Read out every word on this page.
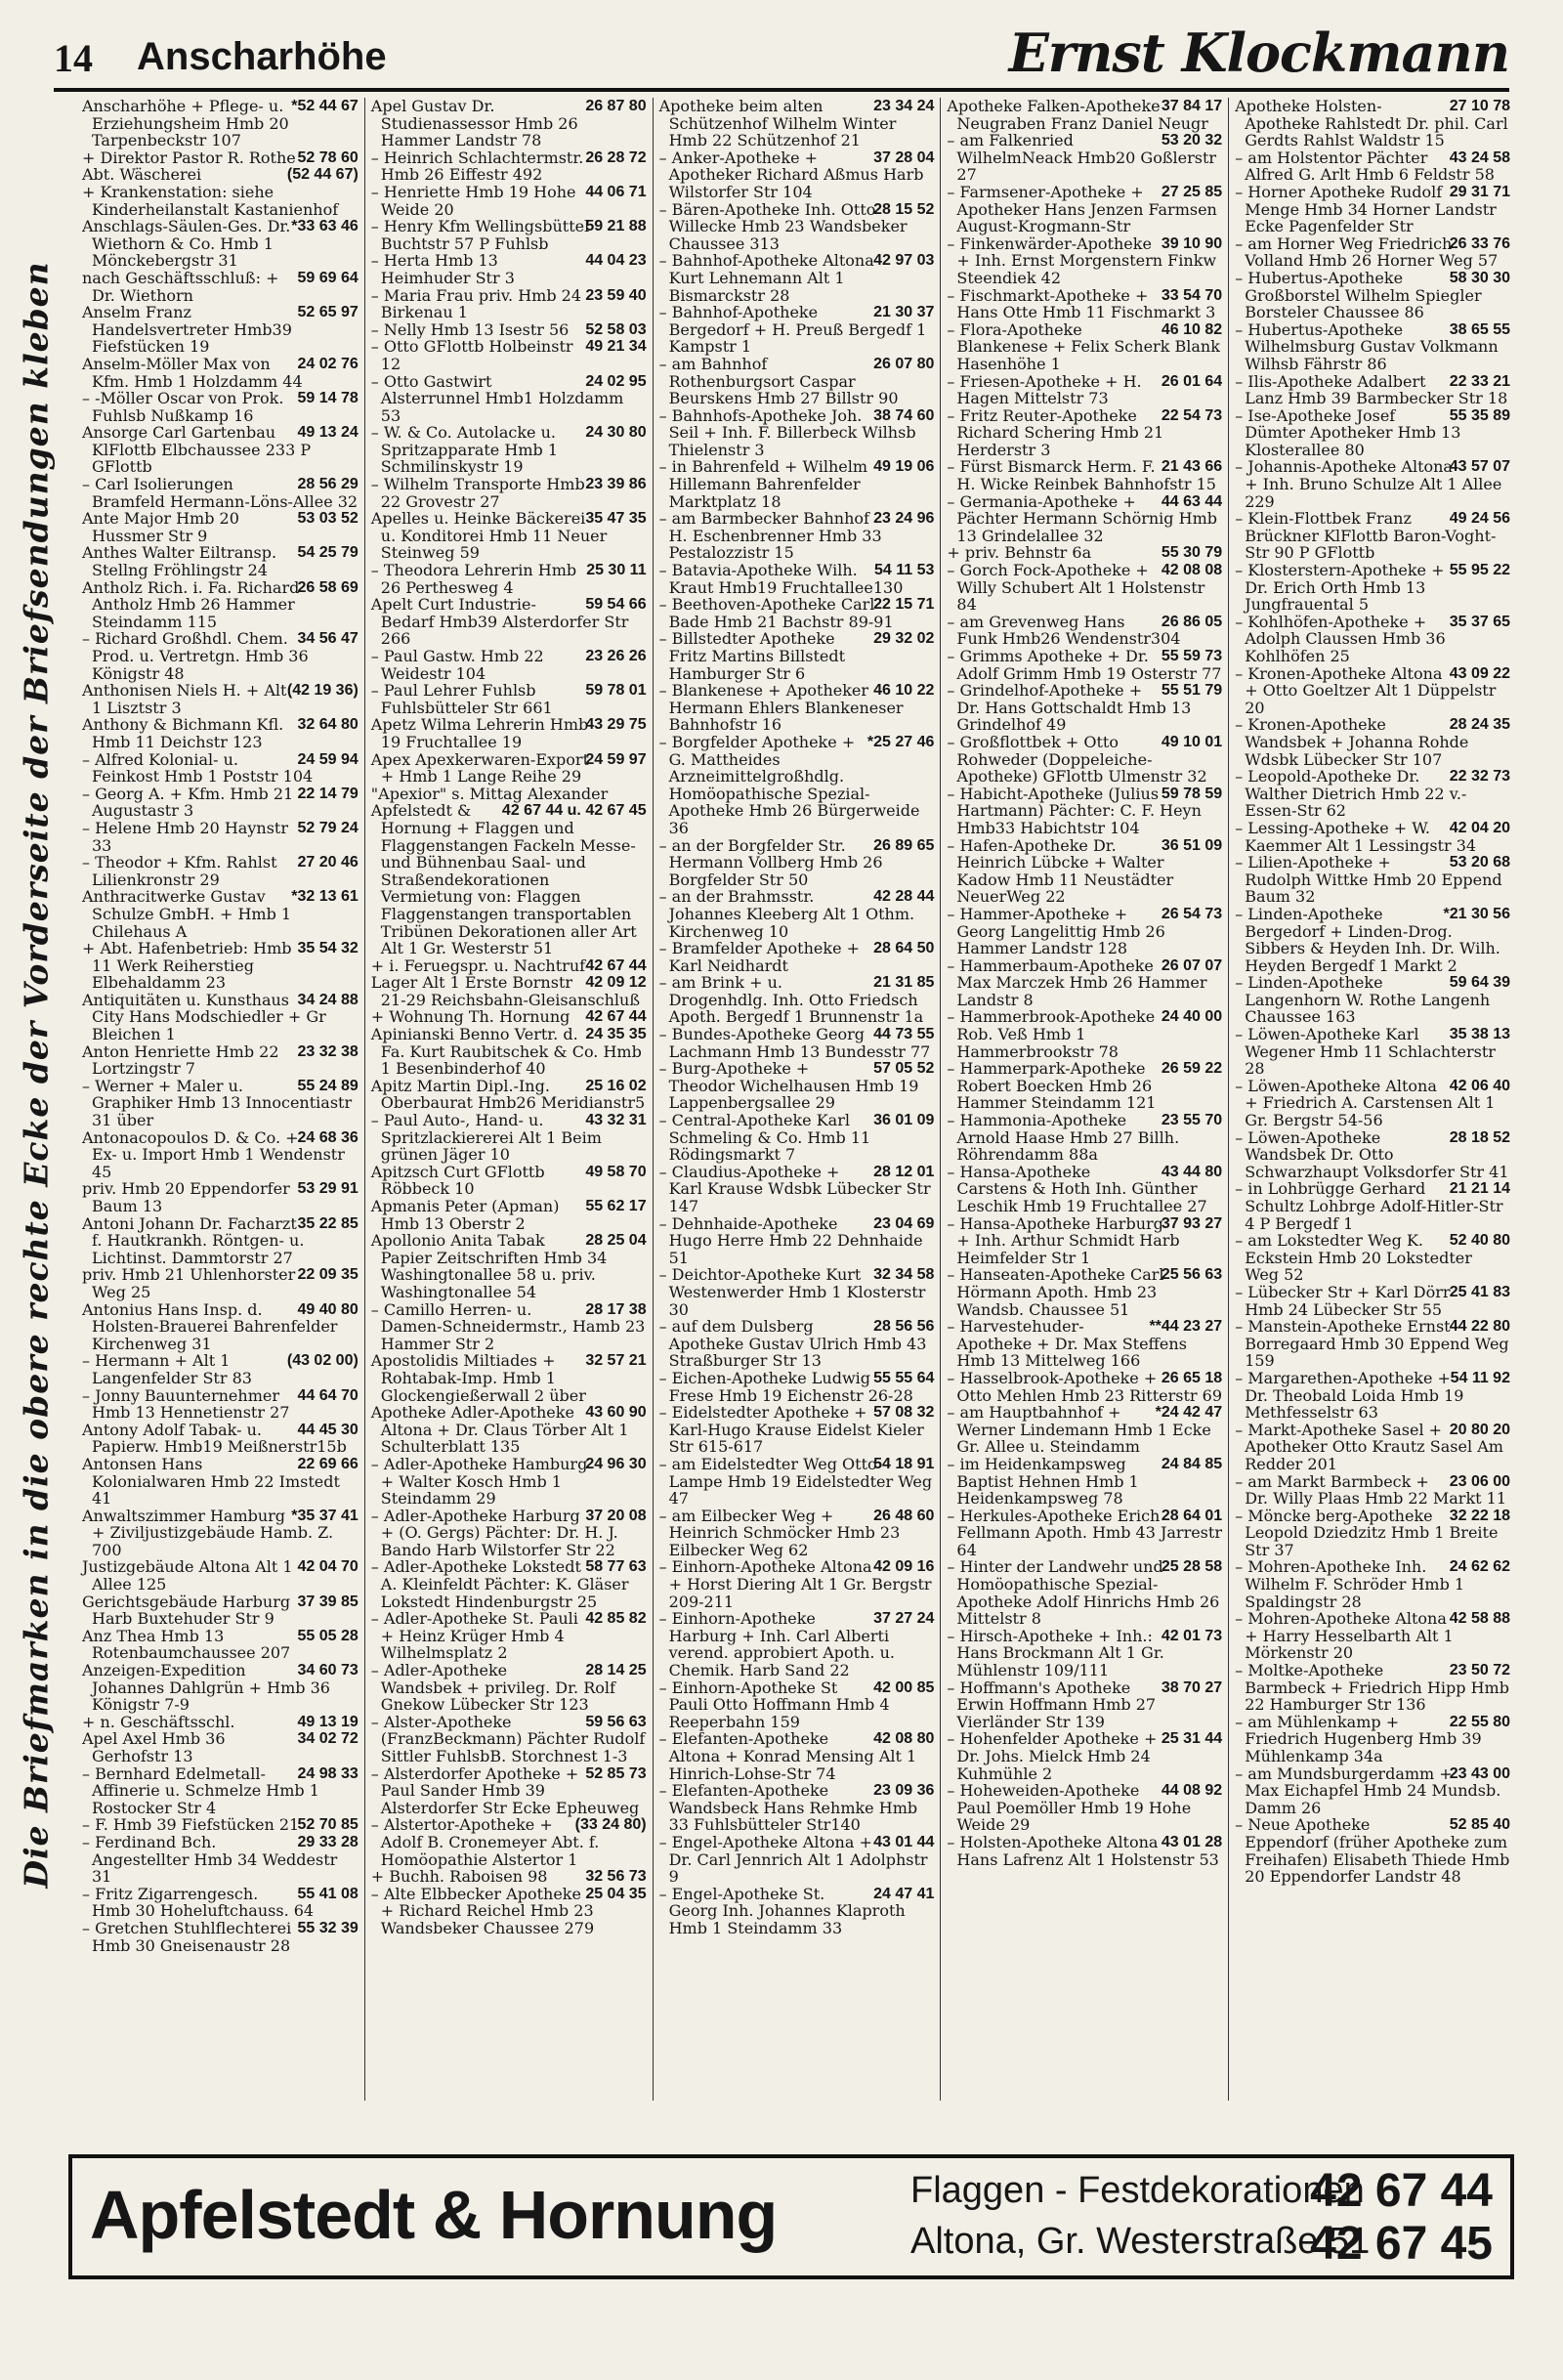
14 Anscharhöhe	Ernst Klockmann
Die Briefmarken in die obere rechte Ecke der Vorderseite der Briefsendungen kleben

*52 44 67
Anscharhöhe + Pflege- u. Erziehungsheim Hmb 20 Tarpenbeckstr 107

52 78 60
+ Direktor Pastor R. Rothe

(52 44 67)
Abt. Wäscherei

+ Krankenstation: siehe Kinderheilanstalt Kastanienhof

*33 63 46
Anschlags-Säulen-Ges. Dr. Wiethorn & Co. Hmb 1 Mönckebergstr 31

59 69 64
nach Geschäftsschluß: + Dr. Wiethorn

52 65 97
Anselm Franz Handelsvertreter Hmb39 Fiefstücken 19

24 02 76
Anselm-Möller Max von Kfm. Hmb 1 Holzdamm 44

59 14 78
– -Möller Oscar von Prok. Fuhlsb Nußkamp 16

49 13 24
Ansorge Carl Gartenbau KlFlottb Elbchaussee 233 P GFlottb

28 56 29
– Carl Isolierungen Bramfeld Hermann-Löns-Allee 32

53 03 52
Ante Major Hmb 20 Hussmer Str 9

54 25 79
Anthes Walter Eiltransp. Stellng Fröhlingstr 24

26 58 69
Antholz Rich. i. Fa. Richard Antholz Hmb 26 Hammer Steindamm 115

34 56 47
– Richard Großhdl. Chem. Prod. u. Vertretgn. Hmb 36 Königstr 48

(42 19 36)
Anthonisen Niels H. + Alt 1 Lisztstr 3

32 64 80
Anthony & Bichmann Kfl. Hmb 11 Deichstr 123

24 59 94
– Alfred Kolonial- u. Feinkost Hmb 1 Poststr 104

22 14 79
– Georg A. + Kfm. Hmb 21 Augustastr 3

52 79 24
– Helene Hmb 20 Haynstr 33

27 20 46
– Theodor + Kfm. Rahlst Lilienkronstr 29

*32 13 61
Anthracitwerke Gustav Schulze GmbH. + Hmb 1 Chilehaus A

35 54 32
+ Abt. Hafenbetrieb: Hmb 11 Werk Reiherstieg Elbehaldamm 23

34 24 88
Antiquitäten u. Kunsthaus City Hans Modschiedler + Gr Bleichen 1

23 32 38
Anton Henriette Hmb 22 Lortzingstr 7

55 24 89
– Werner + Maler u. Graphiker Hmb 13 Innocentiastr 31 über

24 68 36
Antonacopoulos D. & Co. + Ex- u. Import Hmb 1 Wendenstr 45

53 29 91
priv. Hmb 20 Eppendorfer Baum 13

35 22 85
Antoni Johann Dr. Facharzt f. Hautkrankh. Röntgen- u. Lichtinst. Dammtorstr 27

22 09 35
priv. Hmb 21 Uhlenhorster Weg 25

49 40 80
Antonius Hans Insp. d. Holsten-Brauerei Bahrenfelder Kirchenweg 31

(43 02 00)
– Hermann + Alt 1 Langenfelder Str 83

44 64 70
– Jonny Bauunternehmer Hmb 13 Hennetienstr 27

44 45 30
Antony Adolf Tabak- u. Papierw. Hmb19 Meißnerstr15b

22 69 66
Antonsen Hans Kolonialwaren Hmb 22 Imstedt 41

*35 37 41
Anwaltszimmer Hamburg + Ziviljustizgebäude Hamb. Z. 700

42 04 70
Justizgebäude Altona Alt 1 Allee 125

37 39 85
Gerichtsgebäude Harburg Harb Buxtehuder Str 9

55 05 28
Anz Thea Hmb 13 Rotenbaumchaussee 207

34 60 73
Anzeigen-Expedition Johannes Dahlgrün + Hmb 36 Königstr 7-9

49 13 19
+ n. Geschäftsschl.

34 02 72
Apel Axel Hmb 36 Gerhofstr 13

24 98 33
– Bernhard Edelmetall-Affinerie u. Schmelze Hmb 1 Rostocker Str 4

52 70 85
– F. Hmb 39 Fiefstücken 21

29 33 28
– Ferdinand Bch. Angestellter Hmb 34 Weddestr 31

55 41 08
– Fritz Zigarrengesch. Hmb 30 Hoheluftchauss. 64

55 32 39
– Gretchen Stuhlflechterei Hmb 30 Gneisenaustr 28

26 87 80
Apel Gustav Dr. Studienassessor Hmb 26 Hammer Landstr 78

26 28 72
– Heinrich Schlachtermstr. Hmb 26 Eiffestr 492

44 06 71
– Henriette Hmb 19 Hohe Weide 20

59 21 88
– Henry Kfm Wellingsbüttel Buchtstr 57 P Fuhlsb

44 04 23
– Herta Hmb 13 Heimhuder Str 3

23 59 40
– Maria Frau priv. Hmb 24 Birkenau 1

52 58 03
– Nelly Hmb 13 Isestr 56

49 21 34
– Otto GFlottb Holbeinstr 12

24 02 95
– Otto Gastwirt Alsterrunnel Hmb1 Holzdamm 53

24 30 80
– W. & Co. Autolacke u. Spritzapparate Hmb 1 Schmilinskystr 19

23 39 86
– Wilhelm Transporte Hmb 22 Grovestr 27

35 47 35
Apelles u. Heinke Bäckerei u. Konditorei Hmb 11 Neuer Steinweg 59

25 30 11
– Theodora Lehrerin Hmb 26 Perthesweg 4

59 54 66
Apelt Curt Industrie-Bedarf Hmb39 Alsterdorfer Str 266

23 26 26
– Paul Gastw. Hmb 22 Weidestr 104

59 78 01
– Paul Lehrer Fuhlsb Fuhlsbütteler Str 661

43 29 75
Apetz Wilma Lehrerin Hmb 19 Fruchtallee 19

24 59 97
Apex Apexkerwaren-Export + Hmb 1 Lange Reihe 29

"Apexior" s. Mittag Alexander

42 67 44 u. 42 67 45
Apfelstedt & Hornung + Flaggen und Flaggenstangen Fackeln Messe- und Bühnenbau Saal- und Straßendekorationen Vermietung von: Flaggen Flaggenstangen transportablen Tribünen Dekorationen aller Art Alt 1 Gr. Westerstr 51

42 67 44
+ i. Feruegspr. u. Nachtruf

42 09 12
Lager Alt 1 Erste Bornstr 21-29 Reichsbahn-Gleisanschluß

42 67 44
+ Wohnung Th. Hornung

24 35 35
Apinianski Benno Vertr. d. Fa. Kurt Raubitschek & Co. Hmb 1 Besenbinderhof 40

25 16 02
Apitz Martin Dipl.-Ing. Oberbaurat Hmb26 Meridianstr5

43 32 31
– Paul Auto-, Hand- u. Spritzlackiererei Alt 1 Beim grünen Jäger 10

49 58 70
Apitzsch Curt GFlottb Röbbeck 10

55 62 17
Apmanis Peter (Apman) Hmb 13 Oberstr 2

28 25 04
Apollonio Anita Tabak Papier Zeitschriften Hmb 34 Washingtonallee 58 u. priv. Washingtonallee 54

28 17 38
– Camillo Herren- u. Damen-Schneidermstr., Hamb 23 Hammer Str 2

32 57 21
Apostolidis Miltiades + Rohtabak-Imp. Hmb 1 Glockengießerwall 2 über

43 60 90
Apotheke Adler-Apotheke Altona + Dr. Claus Törber Alt 1 Schulterblatt 135

24 96 30
– Adler-Apotheke Hamburg + Walter Kosch Hmb 1 Steindamm 29

37 20 08
– Adler-Apotheke Harburg + (O. Gergs) Pächter: Dr. H. J. Bando Harb Wilstorfer Str 22

58 77 63
– Adler-Apotheke Lokstedt A. Kleinfeldt Pächter: K. Gläser Lokstedt Hindenburgstr 25

42 85 82
– Adler-Apotheke St. Pauli + Heinz Krüger Hmb 4 Wilhelmsplatz 2

28 14 25
– Adler-Apotheke Wandsbek + privileg. Dr. Rolf Gnekow Lübecker Str 123

59 56 63
– Alster-Apotheke (FranzBeckmann) Pächter Rudolf Sittler FuhlsbB. Storchnest 1-3

52 85 73
– Alsterdorfer Apotheke + Paul Sander Hmb 39 Alsterdorfer Str Ecke Epheuweg

(33 24 80)
– Alstertor-Apotheke + Adolf B. Cronemeyer Abt. f. Homöopathie Alstertor 1

32 56 73
+ Buchh. Raboisen 98

25 04 35
– Alte Elbbecker Apotheke + Richard Reichel Hmb 23 Wandsbeker Chaussee 279

23 34 24
Apotheke beim alten Schützenhof Wilhelm Winter Hmb 22 Schützenhof 21

37 28 04
– Anker-Apotheke + Apotheker Richard Aßmus Harb Wilstorfer Str 104

28 15 52
– Bären-Apotheke Inh. Otto Willecke Hmb 23 Wandsbeker Chaussee 313

42 97 03
– Bahnhof-Apotheke Altona Kurt Lehnemann Alt 1 Bismarckstr 28

21 30 37
– Bahnhof-Apotheke Bergedorf + H. Preuß Bergedf 1 Kampstr 1

26 07 80
– am Bahnhof Rothenburgsort Caspar Beurskens Hmb 27 Billstr 90

38 74 60
– Bahnhofs-Apotheke Joh. Seil + Inh. F. Billerbeck Wilhsb Thielenstr 3

49 19 06
– in Bahrenfeld + Wilhelm Hillemann Bahrenfelder Marktplatz 18

23 24 96
– am Barmbecker Bahnhof H. Eschenbrenner Hmb 33 Pestalozzistr 15

54 11 53
– Batavia-Apotheke Wilh. Kraut Hmb19 Fruchtallee130

22 15 71
– Beethoven-Apotheke Carl Bade Hmb 21 Bachstr 89-91

29 32 02
– Billstedter Apotheke Fritz Martins Billstedt Hamburger Str 6

46 10 22
– Blankenese + Apotheker Hermann Ehlers Blankeneser Bahnhofstr 16

*25 27 46
– Borgfelder Apotheke + G. Mattheides Arzneimittelgroßhdlg. Homöopathische Spezial-Apotheke Hmb 26 Bürgerweide 36

26 89 65
– an der Borgfelder Str. Hermann Vollberg Hmb 26 Borgfelder Str 50

42 28 44
– an der Brahmsstr. Johannes Kleeberg Alt 1 Othm. Kirchenweg 10

28 64 50
– Bramfelder Apotheke + Karl Neidhardt

21 31 85
– am Brink + u. Drogenhdlg. Inh. Otto Friedsch Apoth. Bergedf 1 Brunnenstr 1a

44 73 55
– Bundes-Apotheke Georg Lachmann Hmb 13 Bundesstr 77

57 05 52
– Burg-Apotheke + Theodor Wichelhausen Hmb 19 Lappenbergsallee 29

36 01 09
– Central-Apotheke Karl Schmeling & Co. Hmb 11 Rödingsmarkt 7

28 12 01
– Claudius-Apotheke + Karl Krause Wdsbk Lübecker Str 147

23 04 69
– Dehnhaide-Apotheke Hugo Herre Hmb 22 Dehnhaide 51

32 34 58
– Deichtor-Apotheke Kurt Westenwerder Hmb 1 Klosterstr 30

28 56 56
– auf dem Dulsberg Apotheke Gustav Ulrich Hmb 43 Straßburger Str 13

55 55 64
– Eichen-Apotheke Ludwig Frese Hmb 19 Eichenstr 26-28

57 08 32
– Eidelstedter Apotheke + Karl-Hugo Krause Eidelst Kieler Str 615-617

54 18 91
– am Eidelstedter Weg Otto Lampe Hmb 19 Eidelstedter Weg 47

26 48 60
– am Eilbecker Weg + Heinrich Schmöcker Hmb 23 Eilbecker Weg 62

42 09 16
– Einhorn-Apotheke Altona + Horst Diering Alt 1 Gr. Bergstr 209-211

37 27 24
– Einhorn-Apotheke Harburg + Inh. Carl Alberti verend. approbiert Apoth. u. Chemik. Harb Sand 22

42 00 85
– Einhorn-Apotheke St Pauli Otto Hoffmann Hmb 4 Reeperbahn 159

42 08 80
– Elefanten-Apotheke Altona + Konrad Mensing Alt 1 Hinrich-Lohse-Str 74

23 09 36
– Elefanten-Apotheke Wandsbeck Hans Rehmke Hmb 33 Fuhlsbütteler Str140

43 01 44
– Engel-Apotheke Altona + Dr. Carl Jennrich Alt 1 Adolphstr 9

24 47 41
– Engel-Apotheke St. Georg Inh. Johannes Klaproth Hmb 1 Steindamm 33

37 84 17
Apotheke Falken-Apotheke Neugraben Franz Daniel Neugr

53 20 32
– am Falkenried WilhelmNeack Hmb20 Goßlerstr 27

27 25 85
– Farmsener-Apotheke + Apotheker Hans Jenzen Farmsen August-Krogmann-Str

39 10 90
– Finkenwärder-Apotheke + Inh. Ernst Morgenstern Finkw Steendiek 42

33 54 70
– Fischmarkt-Apotheke + Hans Otte Hmb 11 Fischmarkt 3

46 10 82
– Flora-Apotheke Blankenese + Felix Scherk Blank Hasenhöhe 1

26 01 64
– Friesen-Apotheke + H. Hagen Mittelstr 73

22 54 73
– Fritz Reuter-Apotheke Richard Schering Hmb 21 Herderstr 3

21 43 66
– Fürst Bismarck Herm. F. H. Wicke Reinbek Bahnhofstr 15

44 63 44
– Germania-Apotheke + Pächter Hermann Schörnig Hmb 13 Grindelallee 32

55 30 79
+ priv. Behnstr 6a

42 08 08
– Gorch Fock-Apotheke + Willy Schubert Alt 1 Holstenstr 84

26 86 05
– am Grevenweg Hans Funk Hmb26 Wendenstr304

55 59 73
– Grimms Apotheke + Dr. Adolf Grimm Hmb 19 Osterstr 77

55 51 79
– Grindelhof-Apotheke + Dr. Hans Gottschaldt Hmb 13 Grindelhof 49

49 10 01
– Großflottbek + Otto Rohweder (Doppeleiche-Apotheke) GFlottb Ulmenstr 32

59 78 59
– Habicht-Apotheke (Julius Hartmann) Pächter: C. F. Heyn Hmb33 Habichtstr 104

36 51 09
– Hafen-Apotheke Dr. Heinrich Lübcke + Walter Kadow Hmb 11 Neustädter NeuerWeg 22

26 54 73
– Hammer-Apotheke + Georg Langelittig Hmb 26 Hammer Landstr 128

26 07 07
– Hammerbaum-Apotheke Max Marczek Hmb 26 Hammer Landstr 8

24 40 00
– Hammerbrook-Apotheke Rob. Veß Hmb 1 Hammerbrookstr 78

26 59 22
– Hammerpark-Apotheke Robert Boecken Hmb 26 Hammer Steindamm 121

23 55 70
– Hammonia-Apotheke Arnold Haase Hmb 27 Billh. Röhrendamm 88a

43 44 80
– Hansa-Apotheke Carstens & Hoth Inh. Günther Leschik Hmb 19 Fruchtallee 27

37 93 27
– Hansa-Apotheke Harburg + Inh. Arthur Schmidt Harb Heimfelder Str 1

25 56 63
– Hanseaten-Apotheke Carl Hörmann Apoth. Hmb 23 Wandsb. Chaussee 51

**44 23 27
– Harvestehuder-Apotheke + Dr. Max Steffens Hmb 13 Mittelweg 166

26 65 18
– Hasselbrook-Apotheke + Otto Mehlen Hmb 23 Ritterstr 69

*24 42 47
– am Hauptbahnhof + Werner Lindemann Hmb 1 Ecke Gr. Allee u. Steindamm

24 84 85
– im Heidenkampsweg Baptist Hehnen Hmb 1 Heidenkampsweg 78

28 64 01
– Herkules-Apotheke Erich Fellmann Apoth. Hmb 43 Jarrestr 64

25 28 58
– Hinter der Landwehr und Homöopathische Spezial-Apotheke Adolf Hinrichs Hmb 26 Mittelstr 8

42 01 73
– Hirsch-Apotheke + Inh.: Hans Brockmann Alt 1 Gr. Mühlenstr 109/111

38 70 27
– Hoffmann's Apotheke Erwin Hoffmann Hmb 27 Vierländer Str 139

25 31 44
– Hohenfelder Apotheke + Dr. Johs. Mielck Hmb 24 Kuhmühle 2

44 08 92
– Hoheweiden-Apotheke Paul Poemöller Hmb 19 Hohe Weide 29

43 01 28
– Holsten-Apotheke Altona Hans Lafrenz Alt 1 Holstenstr 53

27 10 78
Apotheke Holsten-Apotheke Rahlstedt Dr. phil. Carl Gerdts Rahlst Waldstr 15

43 24 58
– am Holstentor Pächter Alfred G. Arlt Hmb 6 Feldstr 58

29 31 71
– Horner Apotheke Rudolf Menge Hmb 34 Horner Landstr Ecke Pagenfelder Str

26 33 76
– am Horner Weg Friedrich Volland Hmb 26 Horner Weg 57

58 30 30
– Hubertus-Apotheke Großborstel Wilhelm Spiegler Borsteler Chaussee 86

38 65 55
– Hubertus-Apotheke Wilhelmsburg Gustav Volkmann Wilhsb Fährstr 86

22 33 21
– Ilis-Apotheke Adalbert Lanz Hmb 39 Barmbecker Str 18

55 35 89
– Ise-Apotheke Josef Dümter Apotheker Hmb 13 Klosterallee 80

43 57 07
– Johannis-Apotheke Altona + Inh. Bruno Schulze Alt 1 Allee 229

49 24 56
– Klein-Flottbek Franz Brückner KlFlottb Baron-Voght-Str 90 P GFlottb

55 95 22
– Klosterstern-Apotheke + Dr. Erich Orth Hmb 13 Jungfrauental 5

35 37 65
– Kohlhöfen-Apotheke + Adolph Claussen Hmb 36 Kohlhöfen 25

43 09 22
– Kronen-Apotheke Altona + Otto Goeltzer Alt 1 Düppelstr 20

28 24 35
– Kronen-Apotheke Wandsbek + Johanna Rohde Wdsbk Lübecker Str 107

22 32 73
– Leopold-Apotheke Dr. Walther Dietrich Hmb 22 v.-Essen-Str 62

42 04 20
– Lessing-Apotheke + W. Kaemmer Alt 1 Lessingstr 34

53 20 68
– Lilien-Apotheke + Rudolph Wittke Hmb 20 Eppend Baum 32

*21 30 56
– Linden-Apotheke Bergedorf + Linden-Drog. Sibbers & Heyden Inh. Dr. Wilh. Heyden Bergedf 1 Markt 2

59 64 39
– Linden-Apotheke Langenhorn W. Rothe Langenh Chaussee 163

35 38 13
– Löwen-Apotheke Karl Wegener Hmb 11 Schlachterstr 28

42 06 40
– Löwen-Apotheke Altona + Friedrich A. Carstensen Alt 1 Gr. Bergstr 54-56

28 18 52
– Löwen-Apotheke Wandsbek Dr. Otto Schwarzhaupt Volksdorfer Str 41

21 21 14
– in Lohbrügge Gerhard Schultz Lohbrge Adolf-Hitler-Str 4 P Bergedf 1

52 40 80
– am Lokstedter Weg K. Eckstein Hmb 20 Lokstedter Weg 52

25 41 83
– Lübecker Str + Karl Dörr Hmb 24 Lübecker Str 55

44 22 80
– Manstein-Apotheke Ernst Borregaard Hmb 30 Eppend Weg 159

54 11 92
– Margarethen-Apotheke + Dr. Theobald Loida Hmb 19 Methfesselstr 63

20 80 20
– Markt-Apotheke Sasel + Apotheker Otto Krautz Sasel Am Redder 201

23 06 00
– am Markt Barmbeck + Dr. Willy Plaas Hmb 22 Markt 11

32 22 18
– Möncke berg-Apotheke Leopold Dziedzitz Hmb 1 Breite Str 37

24 62 62
– Mohren-Apotheke Inh. Wilhelm F. Schröder Hmb 1 Spaldingstr 28

42 58 88
– Mohren-Apotheke Altona + Harry Hesselbarth Alt 1 Mörkenstr 20

23 50 72
– Moltke-Apotheke Barmbeck + Friedrich Hipp Hmb 22 Hamburger Str 136

22 55 80
– am Mühlenkamp + Friedrich Hugenberg Hmb 39 Mühlenkamp 34a

23 43 00
– am Mundsburgerdamm + Max Eichapfel Hmb 24 Mundsb. Damm 26

52 85 40
– Neue Apotheke Eppendorf (früher Apotheke zum Freihafen) Elisabeth Thiede Hmb 20 Eppendorfer Landstr 48

Apfelstedt & Hornung	Flaggen - Festdekorationen
Altona, Gr. Westerstraße 51
42 67 44
42 67 45
